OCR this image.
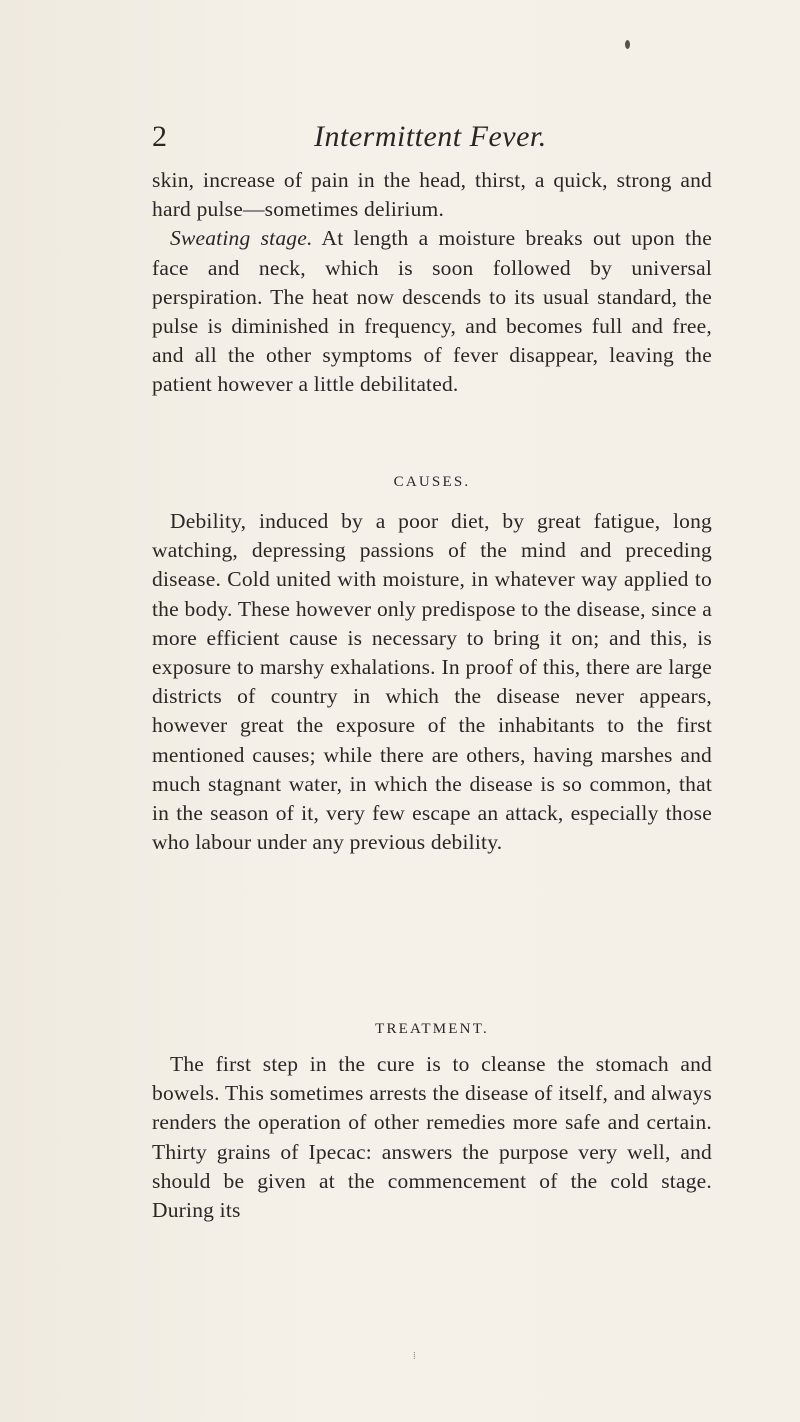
2	Intermittent Fever.

skin, increase of pain in the head, thirst, a quick, strong and hard pulse—sometimes delirium.

Sweating stage. At length a moisture breaks out upon the face and neck, which is soon followed by universal perspiration. The heat now descends to its usual standard, the pulse is diminished in frequency, and becomes full and free, and all the other symptoms of fever disappear, leaving the patient however a little debilitated.

CAUSES.

Debility, induced by a poor diet, by great fatigue, long watching, depressing passions of the mind and preceding disease. Cold united with moisture, in whatever way applied to the body. These however only predispose to the disease, since a more efficient cause is necessary to bring it on; and this, is exposure to marshy exhalations. In proof of this, there are large districts of country in which the disease never appears, however great the exposure of the inhabitants to the first mentioned causes; while there are others, having marshes and much stagnant water, in which the disease is so common, that in the season of it, very few escape an attack, especially those who labour under any previous debility.

TREATMENT.

The first step in the cure is to cleanse the stomach and bowels. This sometimes arrests the disease of itself, and always renders the operation of other remedies more safe and certain. Thirty grains of Ipecac: answers the purpose very well, and should be given at the commencement of the cold stage. During its

⁞
